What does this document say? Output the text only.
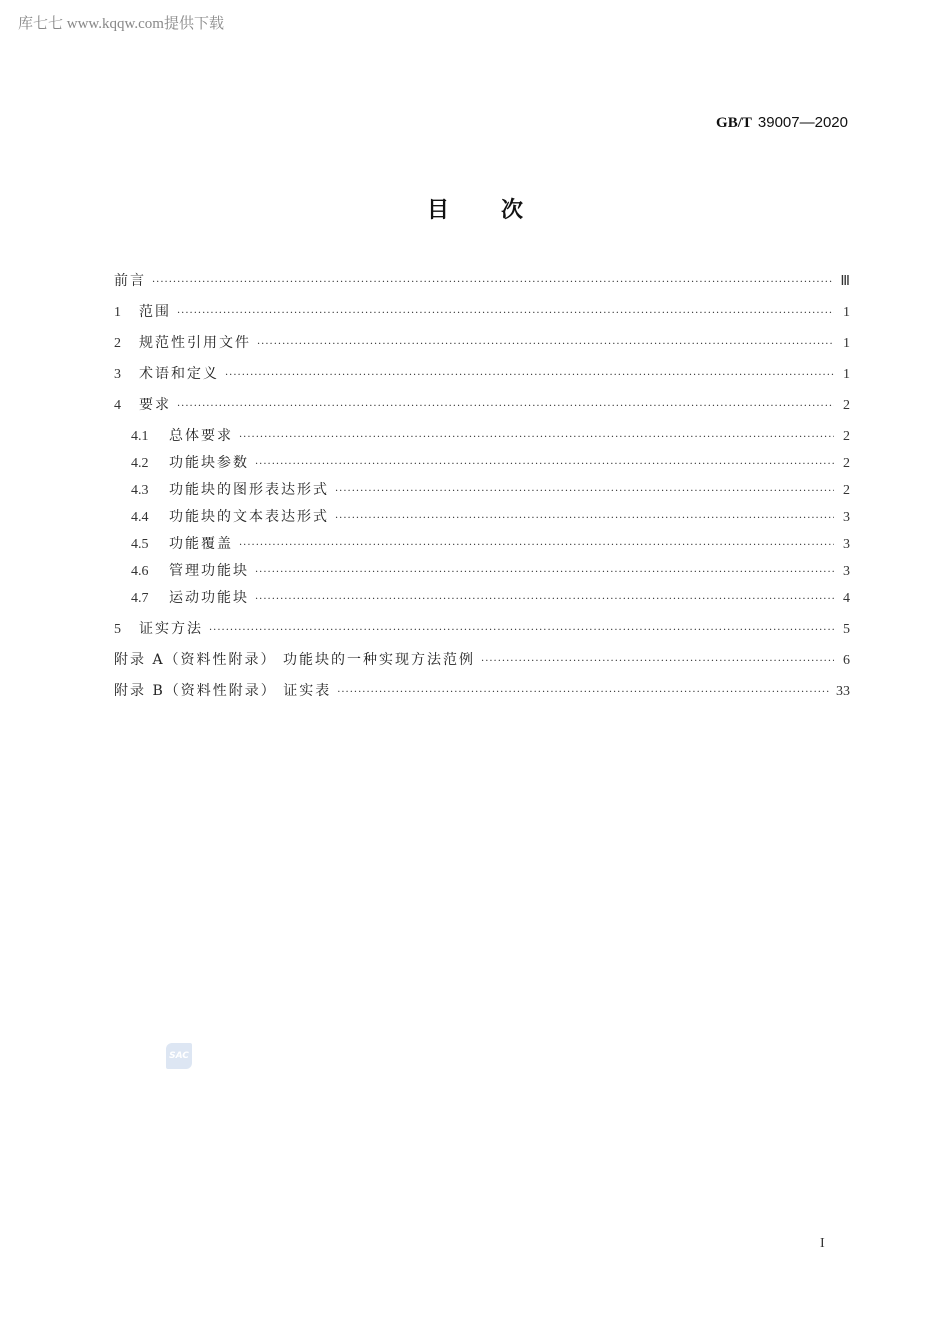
库七七 www.kqqw.com提供下载
GB/T 39007—2020
目 次
前言 ·····	Ⅲ
1	范围 ·····	1
2	规范性引用文件 ·····	1
3	术语和定义 ·····	1
4	要求 ·····	2
4.1	总体要求 ·····	2
4.2	功能块参数 ·····	2
4.3	功能块的图形表达形式 ·····	2
4.4	功能块的文本表达形式 ·····	3
4.5	功能覆盖 ·····	3
4.6	管理功能块 ·····	3
4.7	运动功能块 ·····	4
5	证实方法 ·····	5
附录 A（资料性附录） 功能块的一种实现方法范例 ·····	6
附录 B（资料性附录） 证实表 ·····	33
SAC
I
